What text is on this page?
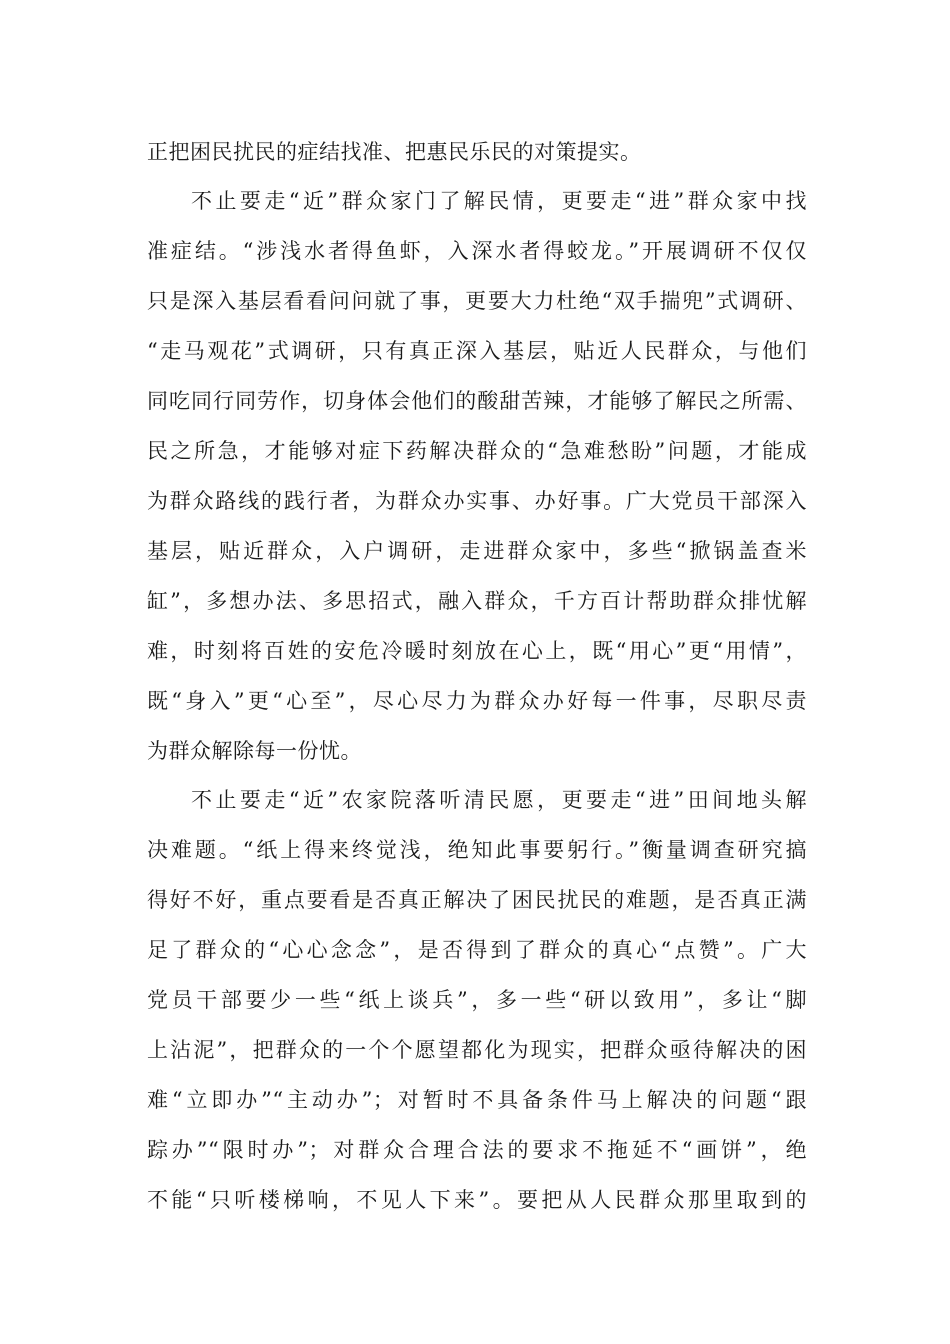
正把困民扰民的症结找准、把惠民乐民的对策提实。
不止要走“近”群众家门了解民情，更要走“进”群众家中找
准症结。“涉浅水者得鱼虾，入深水者得蛟龙。”开展调研不仅仅
只是深入基层看看问问就了事，更要大力杜绝“双手揣兜”式调研、
“走马观花”式调研，只有真正深入基层，贴近人民群众，与他们
同吃同行同劳作，切身体会他们的酸甜苦辣，才能够了解民之所需、
民之所急，才能够对症下药解决群众的“急难愁盼”问题，才能成
为群众路线的践行者，为群众办实事、办好事。广大党员干部深入
基层，贴近群众，入户调研，走进群众家中，多些“掀锅盖查米
缸”，多想办法、多思招式，融入群众，千方百计帮助群众排忧解
难，时刻将百姓的安危冷暖时刻放在心上，既“用心”更“用情”，
既“身入”更“心至”，尽心尽力为群众办好每一件事，尽职尽责
为群众解除每一份忧。
不止要走“近”农家院落听清民愿，更要走“进”田间地头解
决难题。“纸上得来终觉浅，绝知此事要躬行。”衡量调查研究搞
得好不好，重点要看是否真正解决了困民扰民的难题，是否真正满
足了群众的“心心念念”，是否得到了群众的真心“点赞”。广大
党员干部要少一些“纸上谈兵”，多一些“研以致用”，多让“脚
上沾泥”，把群众的一个个愿望都化为现实，把群众亟待解决的困
难“立即办”“主动办”；对暂时不具备条件马上解决的问题“跟
踪办”“限时办”；对群众合理合法的要求不拖延不“画饼”，绝
不能“只听楼梯响，不见人下来”。要把从人民群众那里取到的
